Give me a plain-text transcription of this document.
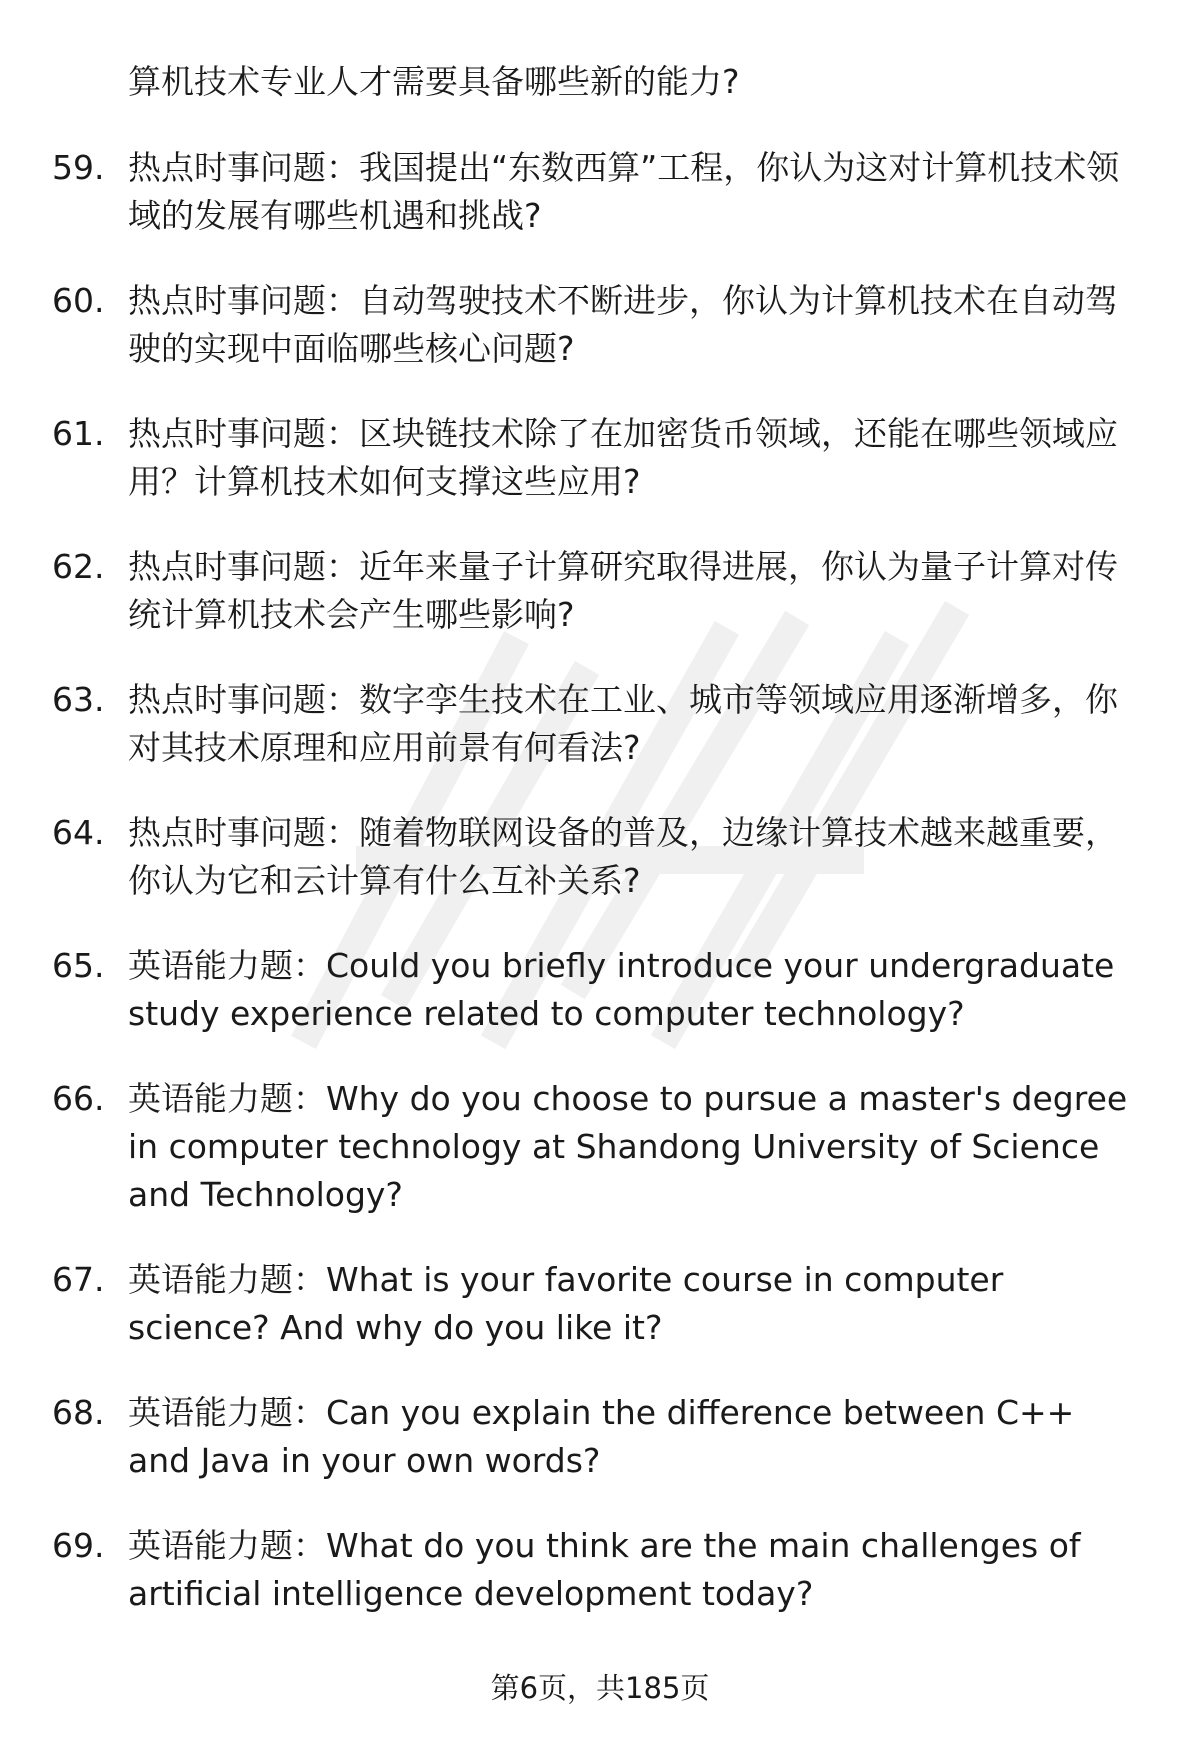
算机技术专业人才需要具备哪些新的能力?
59. 热点时事问题：我国提出“东数西算”工程，你认为这对计算机技术领域的发展有哪些机遇和挑战?
60. 热点时事问题：自动驾驶技术不断进步，你认为计算机技术在自动驾驶的实现中面临哪些核心问题?
61. 热点时事问题：区块链技术除了在加密货币领域，还能在哪些领域应用？计算机技术如何支撑这些应用?
62. 热点时事问题：近年来量子计算研究取得进展，你认为量子计算对传统计算机技术会产生哪些影响?
63. 热点时事问题：数字孪生技术在工业、城市等领域应用逐渐增多，你对其技术原理和应用前景有何看法?
64. 热点时事问题：随着物联网设备的普及，边缘计算技术越来越重要，你认为它和云计算有什么互补关系?
65. 英语能力题：Could you briefly introduce your undergraduate study experience related to computer technology?
66. 英语能力题：Why do you choose to pursue a master's degree in computer technology at Shandong University of Science and Technology?
67. 英语能力题：What is your favorite course in computer science? And why do you like it?
68. 英语能力题：Can you explain the difference between C++ and Java in your own words?
69. 英语能力题：What do you think are the main challenges of artificial intelligence development today?
第6页，共185页
